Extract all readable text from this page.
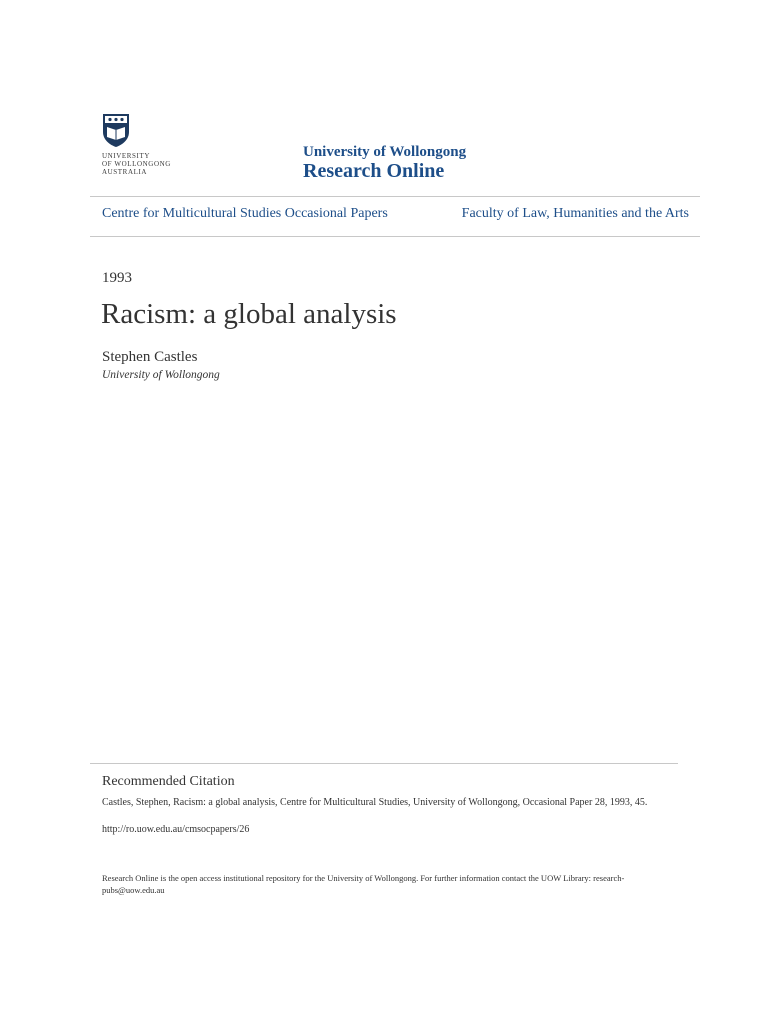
UNIVERSITY
OF WOLLONGONG
AUSTRALIA
University of Wollongong
Research Online
Centre for Multicultural Studies Occasional Papers	Faculty of Law, Humanities and the Arts
1993
Racism: a global analysis
Stephen Castles
University of Wollongong
Recommended Citation
Castles, Stephen, Racism: a global analysis, Centre for Multicultural Studies, University of Wollongong, Occasional Paper 28, 1993, 45.
http://ro.uow.edu.au/cmsocpapers/26
Research Online is the open access institutional repository for the University of Wollongong. For further information contact the UOW Library: research-pubs@uow.edu.au
